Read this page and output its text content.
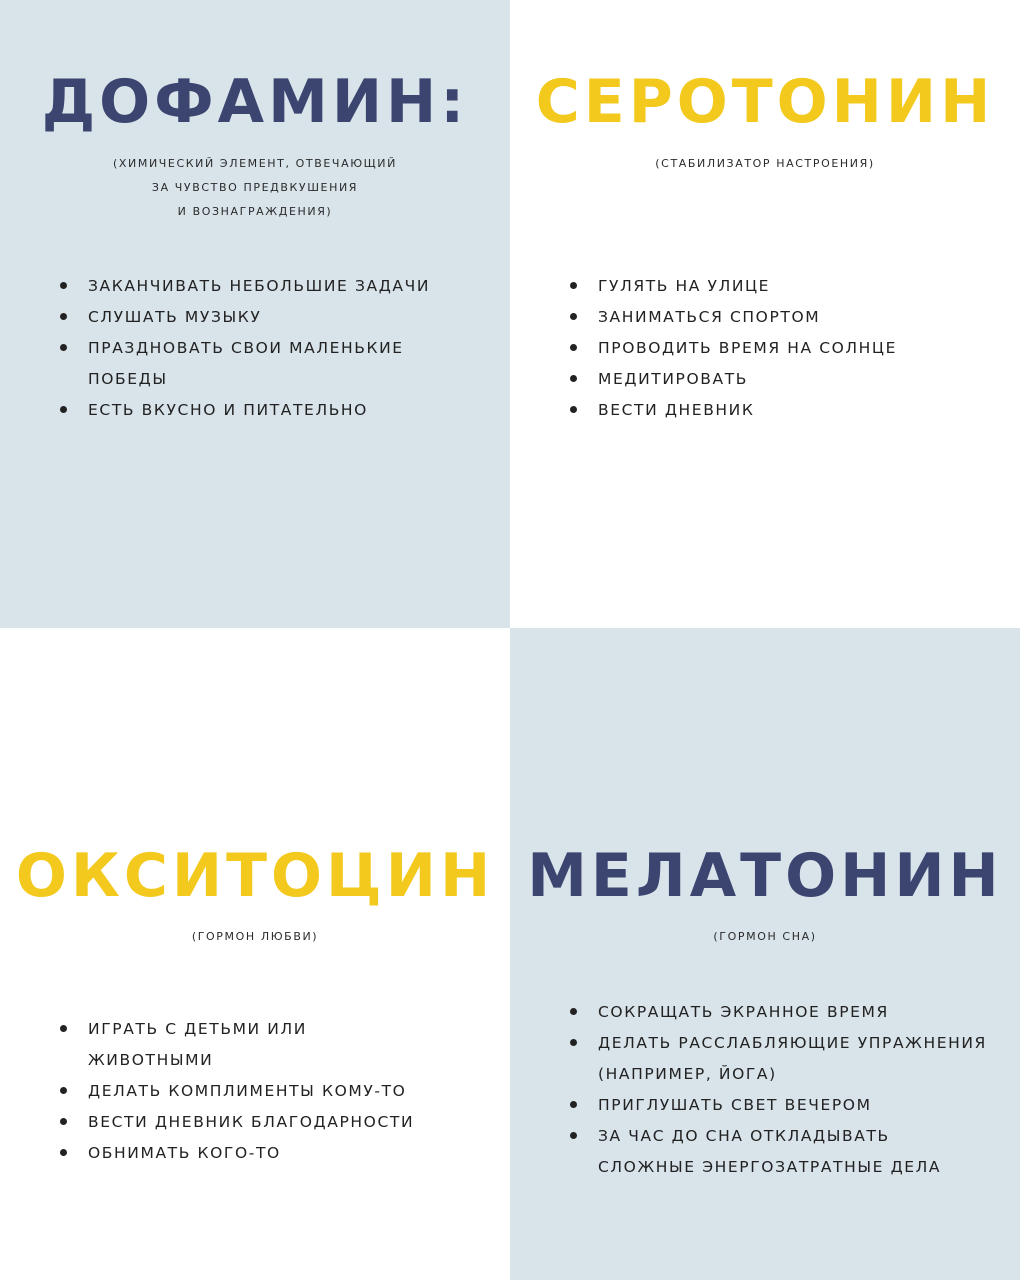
ДОФАМИН:

(ХИМИЧЕСКИЙ ЭЛЕМЕНТ, ОТВЕЧАЮЩИЙ

ЗА ЧУВСТВО ПРЕДВКУШЕНИЯ

И ВОЗНАГРАЖДЕНИЯ)

ЗАКАНЧИВАТЬ НЕБОЛЬШИЕ ЗАДАЧИ
СЛУШАТЬ МУЗЫКУ
ПРАЗДНОВАТЬ СВОИ МАЛЕНЬКИЕ ПОБЕДЫ
ЕСТЬ ВКУСНО И ПИТАТЕЛЬНО
СЕРОТОНИН

(СТАБИЛИЗАТОР НАСТРОЕНИЯ)

ГУЛЯТЬ НА УЛИЦЕ
ЗАНИМАТЬСЯ СПОРТОМ
ПРОВОДИТЬ ВРЕМЯ НА СОЛНЦЕ
МЕДИТИРОВАТЬ
ВЕСТИ ДНЕВНИК
ОКСИТОЦИН

(ГОРМОН ЛЮБВИ)

ИГРАТЬ С ДЕТЬМИ ИЛИ ЖИВОТНЫМИ
ДЕЛАТЬ КОМПЛИМЕНТЫ КОМУ-ТО
ВЕСТИ ДНЕВНИК БЛАГОДАРНОСТИ
ОБНИМАТЬ КОГО-ТО
МЕЛАТОНИН

(ГОРМОН СНА)

СОКРАЩАТЬ ЭКРАННОЕ ВРЕМЯ
ДЕЛАТЬ РАССЛАБЛЯЮЩИЕ УПРАЖНЕНИЯ (НАПРИМЕР, ЙОГА)
ПРИГЛУШАТЬ СВЕТ ВЕЧЕРОМ
ЗА ЧАС ДО СНА ОТКЛАДЫВАТЬ СЛОЖНЫЕ ЭНЕРГОЗАТРАТНЫЕ ДЕЛА
